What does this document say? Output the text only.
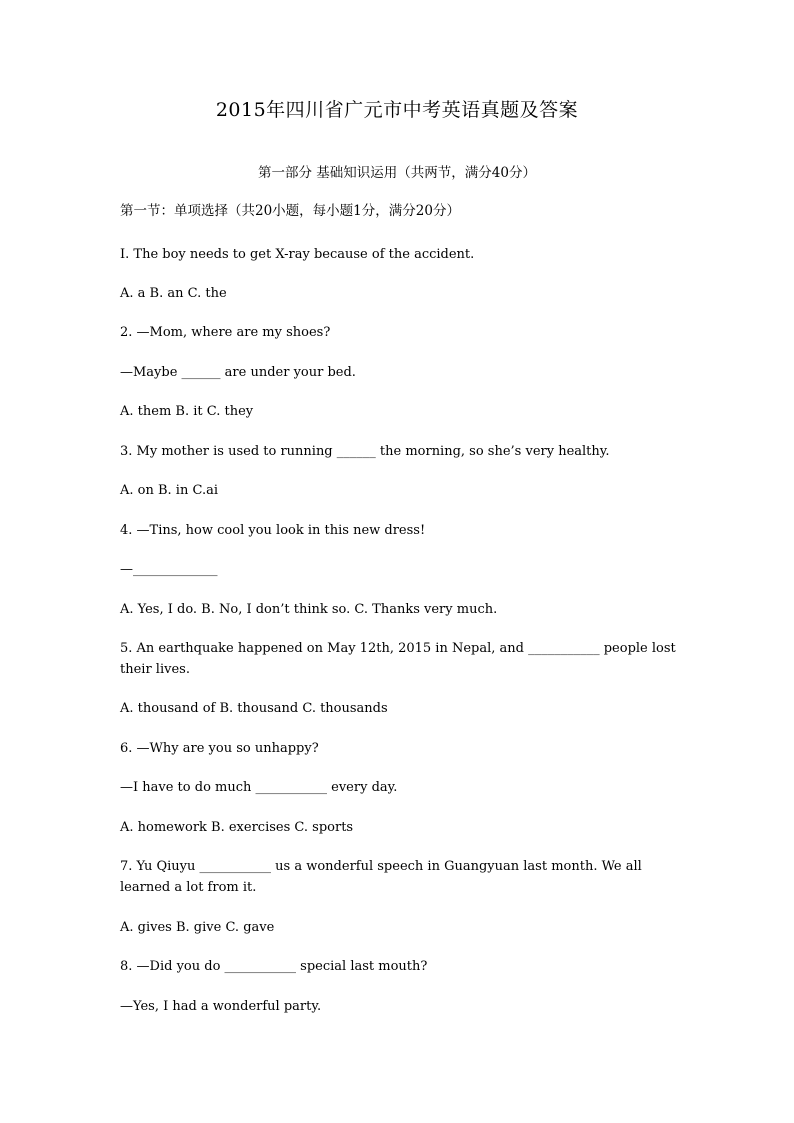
2015年四川省广元市中考英语真题及答案
第一部分 基础知识运用（共两节，满分40分）
第一节：单项选择（共20小题，每小题1分，满分20分）
I. The boy needs to get X-ray because of the accident.
A. a B. an C. the
2. —Mom, where are my shoes?
—Maybe ______ are under your bed.
A. them B. it C. they
3. My mother is used to running ______ the morning, so she’s very healthy.
A. on B. in C.ai
4. —Tins, how cool you look in this new dress!
—_____________
A. Yes, I do. B. No, I don’t think so. C. Thanks very much.
5. An earthquake happened on May 12th, 2015 in Nepal, and ___________ people lost their lives.
A. thousand of B. thousand C. thousands
6. —Why are you so unhappy?
—I have to do much ___________ every day.
A. homework B. exercises C. sports
7. Yu Qiuyu ___________ us a wonderful speech in Guangyuan last month. We all learned a lot from it.
A. gives B. give C. gave
8. —Did you do ___________ special last mouth?
—Yes, I had a wonderful party.
